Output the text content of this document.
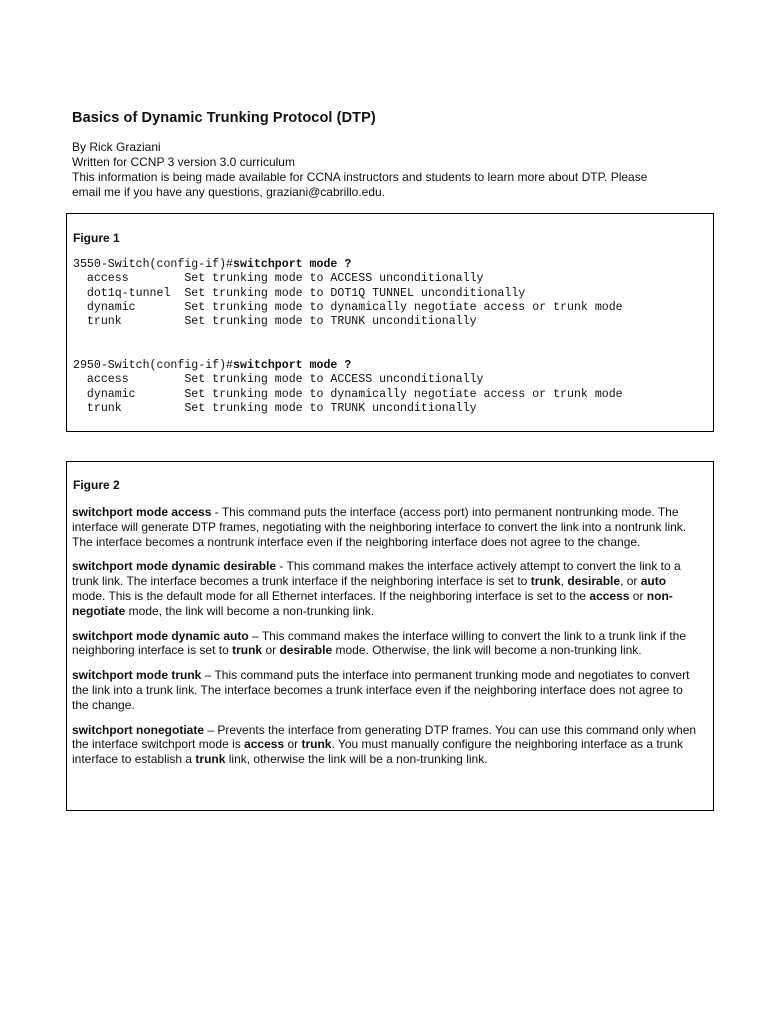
Basics of Dynamic Trunking Protocol (DTP)
By Rick Graziani
Written for CCNP 3 version 3.0 curriculum
This information is being made available for CCNA instructors and students to learn more about DTP. Please
email me if you have any questions, graziani@cabrillo.edu.
Figure 1
3550-Switch(config-if)#switchport mode ?
access        Set trunking mode to ACCESS unconditionally
dot1q-tunnel  Set trunking mode to DOT1Q TUNNEL unconditionally
dynamic       Set trunking mode to dynamically negotiate access or trunk mode
trunk         Set trunking mode to TRUNK unconditionally
2950-Switch(config-if)#switchport mode ?
access        Set trunking mode to ACCESS unconditionally
dynamic       Set trunking mode to dynamically negotiate access or trunk mode
trunk         Set trunking mode to TRUNK unconditionally
Figure 2

switchport mode access - This command puts the interface (access port) into permanent nontrunking mode. The interface will generate DTP frames, negotiating with the neighboring interface to convert the link into a nontrunk link. The interface becomes a nontrunk interface even if the neighboring interface does not agree to the change.

switchport mode dynamic desirable - This command makes the interface actively attempt to convert the link to a trunk link. The interface becomes a trunk interface if the neighboring interface is set to trunk, desirable, or auto mode. This is the default mode for all Ethernet interfaces. If the neighboring interface is set to the access or non-negotiate mode, the link will become a non-trunking link.

switchport mode dynamic auto – This command makes the interface willing to convert the link to a trunk link if the neighboring interface is set to trunk or desirable mode. Otherwise, the link will become a non-trunking link.

switchport mode trunk – This command puts the interface into permanent trunking mode and negotiates to convert the link into a trunk link. The interface becomes a trunk interface even if the neighboring interface does not agree to the change.

switchport nonegotiate – Prevents the interface from generating DTP frames. You can use this command only when the interface switchport mode is access or trunk. You must manually configure the neighboring interface as a trunk interface to establish a trunk link, otherwise the link will be a non-trunking link.
